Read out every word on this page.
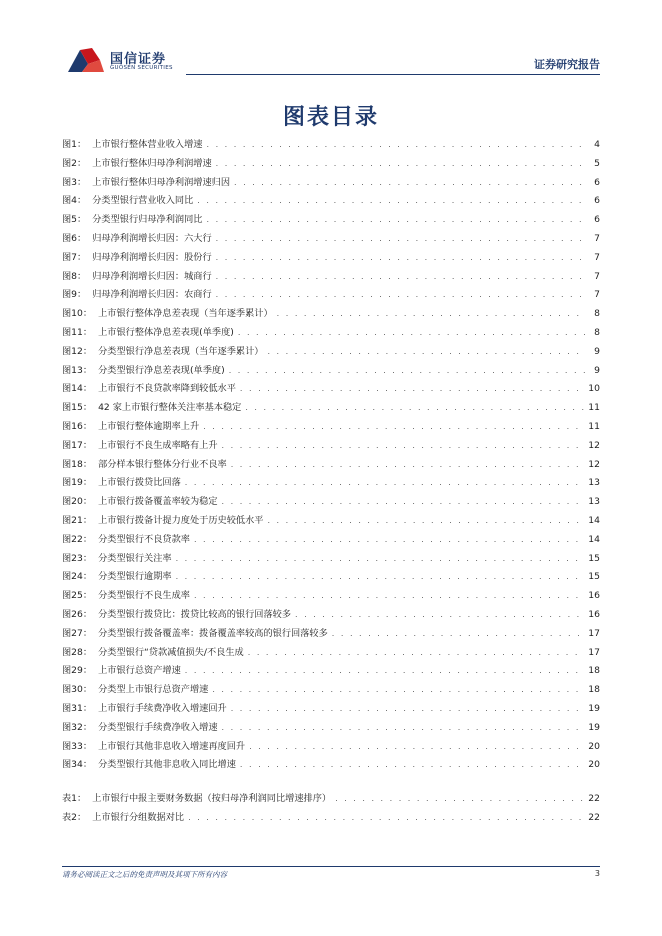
国信证券
GUOSEN SECURITIES	证券研究报告
图表目录
图1： 上市银行整体营业收入增速 . . .	4
图2： 上市银行整体归母净利润增速 . . .	5
图3： 上市银行整体归母净利润增速归因 . . .	6
图4： 分类型银行营业收入同比 . . .	6
图5： 分类型银行归母净利润同比 . . .	6
图6： 归母净利润增长归因：六大行 . . .	7
图7： 归母净利润增长归因：股份行 . . .	7
图8： 归母净利润增长归因：城商行 . . .	7
图9： 归母净利润增长归因：农商行 . . .	7
图10： 上市银行整体净息差表现（当年逐季累计） . . .	8
图11： 上市银行整体净息差表现(单季度) . . .	8
图12： 分类型银行净息差表现（当年逐季累计） . . .	9
图13： 分类型银行净息差表现(单季度) . . .	9
图14： 上市银行不良贷款率降到较低水平 . . .	10
图15： 42 家上市银行整体关注率基本稳定 . . .	11
图16： 上市银行整体逾期率上升 . . .	11
图17： 上市银行不良生成率略有上升 . . .	12
图18： 部分样本银行整体分行业不良率 . . .	12
图19： 上市银行拨贷比回落 . . .	13
图20： 上市银行拨备覆盖率较为稳定 . . .	13
图21： 上市银行拨备计提力度处于历史较低水平 . . .	14
图22： 分类型银行不良贷款率 . . .	14
图23： 分类型银行关注率 . . .	15
图24： 分类型银行逾期率 . . .	15
图25： 分类型银行不良生成率 . . .	16
图26： 分类型银行拨贷比：拨贷比较高的银行回落较多 . . .	16
图27： 分类型银行拨备覆盖率：拨备覆盖率较高的银行回落较多 . . .	17
图28： 分类型银行“贷款减值损失/不良生成 . . .	17
图29： 上市银行总资产增速 . . .	18
图30： 分类型上市银行总资产增速 . . .	18
图31： 上市银行手续费净收入增速回升 . . .	19
图32： 分类型银行手续费净收入增速 . . .	19
图33： 上市银行其他非息收入增速再度回升 . . .	20
图34： 分类型银行其他非息收入同比增速 . . .	20
表1： 上市银行中报主要财务数据（按归母净利润同比增速排序） . . .	22
表2： 上市银行分组数据对比 . . .	22
请务必阅读正文之后的免责声明及其项下所有内容	3
